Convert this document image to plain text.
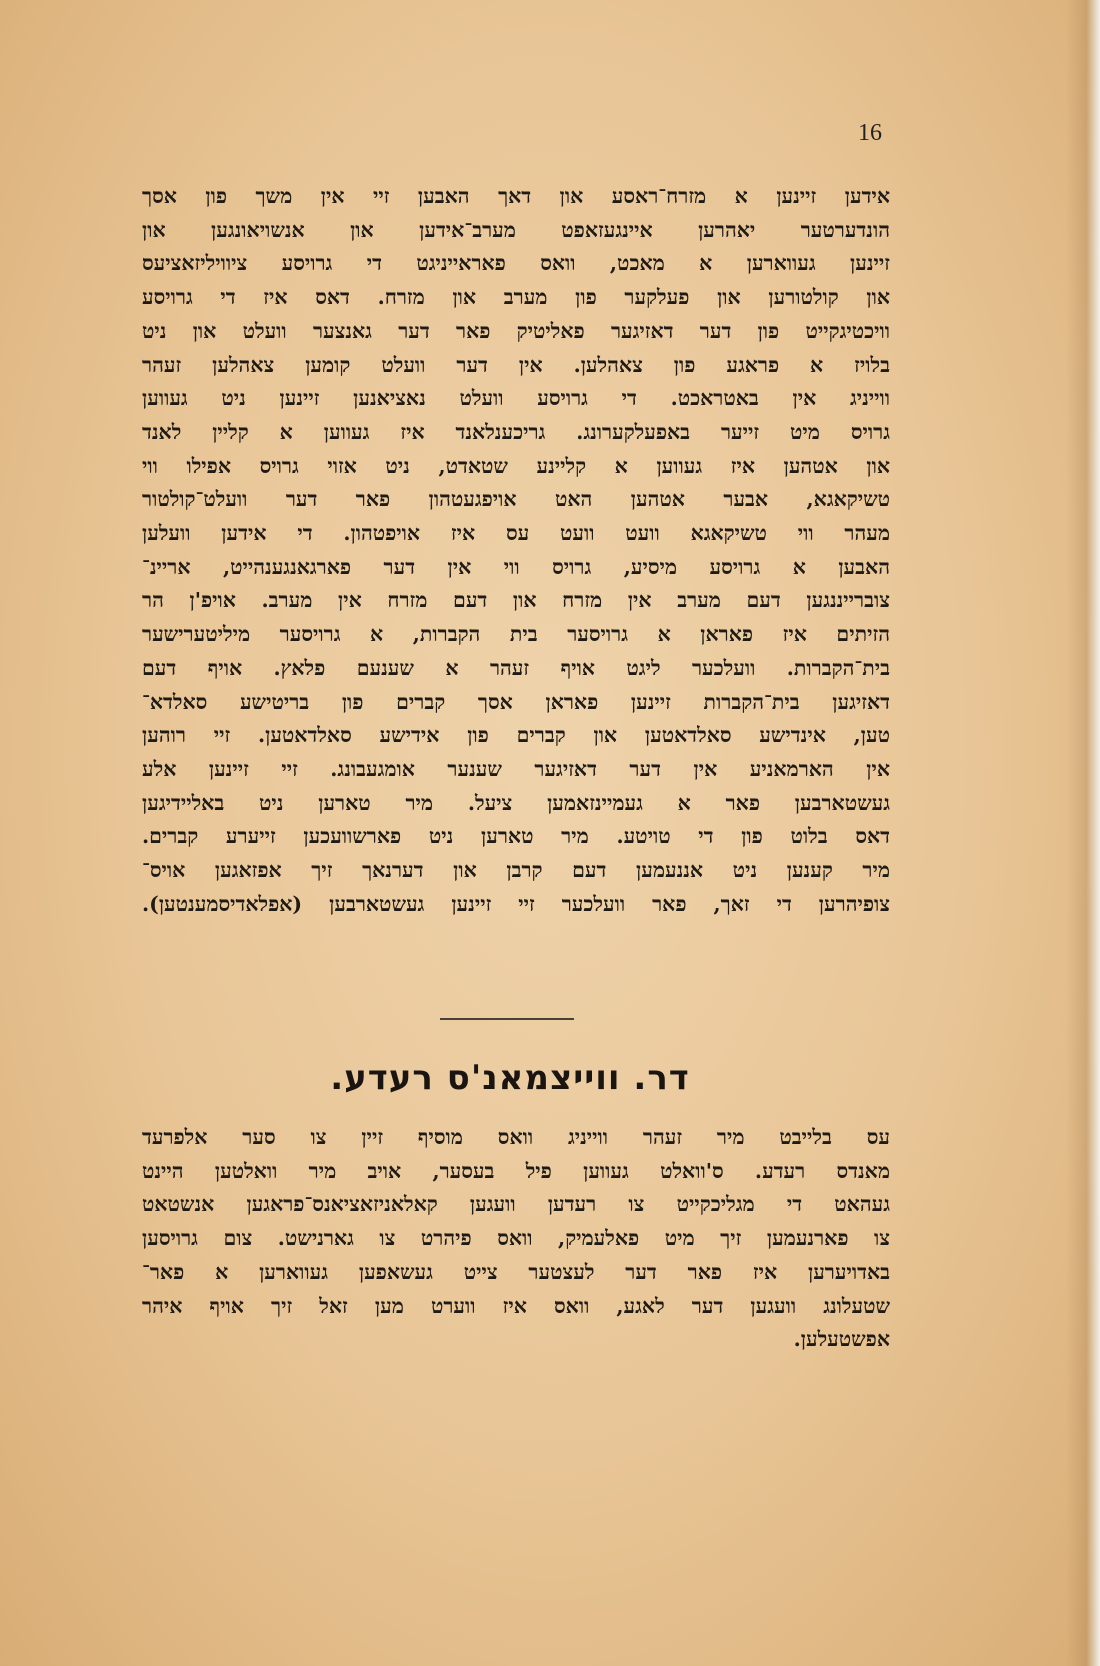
16
אידען זיינען א מזרח־ראסע און דאך האבען זיי אין משך פון אסך
הונדערטער יאהרען איינגעזאפט מערב־אידען און אנשויאונגען און
זיינען געווארען א מאכט, וואס פאראייניגט די גרויסע ציוויליזאציעס
און קולטורען און פעלקער פון מערב און מזרח. דאס איז די גרויסע
וויכטיגקייט פון דער דאזיגער פאליטיק פאר דער גאנצער וועלט און ניט
בלויז א פראגע פון צאהלען. אין דער וועלט קומען צאהלען זעהר
ווייניג אין באטראכט. די גרויסע וועלט נאציאנען זיינען ניט געווען
גרויס מיט זייער באפעלקערונג. גריכענלאנד איז געווען א קליין לאנד
און אטהען איז געווען א קליינע שטאדט, ניט אזוי גרויס אפילו ווי
טשיקאגא, אבער אטהען האט אויפגעטהון פאר דער וועלט־קולטור
מעהר ווי טשיקאגא וועט וועט עס איז אויפטהון. די אידען וועלען
האבען א גרויסע מיסיע, גרויס ווי אין דער פארגאנגענהייט, אריינ־
צוברייננגען דעם מערב אין מזרח און דעם מזרח אין מערב. אויפ'ן הר
הזיתים איז פאראן א גרויסער בית הקברות, א גרויסער מיליטערישער
בית־הקברות. וועלכער ליגט אויף זעהר א שענעם פלאץ. אויף דעם
דאזיגען בית־הקברות זיינען פאראן אסך קברים פון בריטישע סאלדא־
טען, אינדישע סאלדאטען און קברים פון אידישע סאלדאטען. זיי רוהען
אין הארמאניע אין דער דאזיגער שענער אומגעבונג. זיי זיינען אלע
געשטארבען פאר א געמיינזאמען ציעל. מיר טארען ניט באליידיגען
דאס בלוט פון די טויטע. מיר טארען ניט פארשוועכען זייערע קברים.
מיר קענען ניט אננעמען דעם קרבן און דערנאך זיך אפזאגען אויס־
צופיהרען די זאך, פאר וועלכער זיי זיינען געשטארבען (אפלאדיסמענטען).
דר. ווייצמאנ'ס רעדע.
עס בלייבט מיר זעהר ווייניג וואס מוסיף זיין צו סער אלפרעד
מאנדס רעדע. ס'וואלט געווען פיל בעסער, אויב מיר וואלטען היינט
געהאט די מגליכקייט צו רעדען וועגען קאלאניזאציאנס־פראגען אנשטאט
צו פארנעמען זיך מיט פאלעמיק, וואס פיהרט צו גארנישט. צום גרויסען
באדויערען איז פאר דער לעצטער צייט געשאפען געווארען א פאר־
שטעלונג וועגען דער לאגע, וואס איז ווערט מען זאל זיך אויף איהר
אפשטעלען.
